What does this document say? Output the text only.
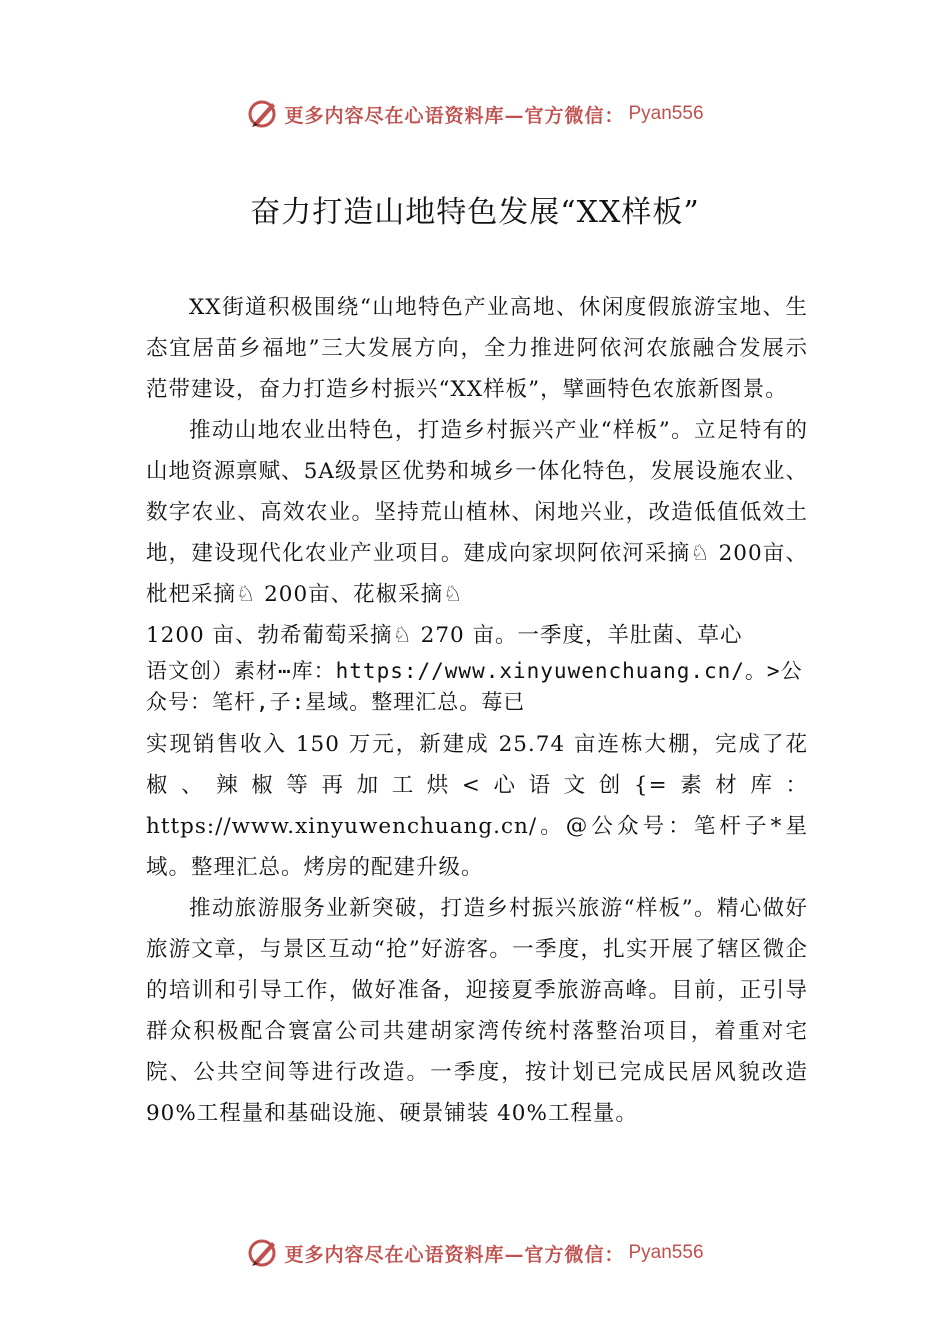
更多内容尽在心语资料库—官方微信： Pyan556
奋力打造山地特色发展“XX样板”

XX街道积极围绕“山地特色产业高地、休闲度假旅游宝地、生态宜居苗乡福地”三大发展方向，全力推进阿依河农旅融合发展示范带建设，奋力打造乡村振兴“XX样板”，擘画特色农旅新图景。

推动山地农业出特色，打造乡村振兴产业“样板”。立足特有的山地资源禀赋、5A级景区优势和城乡一体化特色，发展设施农业、数字农业、高效农业。坚持荒山植林、闲地兴业，改造低值低效土地，建设现代化农业产业项目。建成向家坝阿依河采摘♘ 200亩、枇杷采摘♘ 200亩、花椒采摘♘

1200 亩、勃希葡萄采摘♘ 270 亩。一季度，羊肚菌、草心

语文创）素材⋯库：https://www.xinyuwenchuang.cn/。>公众号：笔杆,子:星域。整理汇总。莓已

实现销售收入 150 万元，新建成 25.74 亩连栋大棚，完成了花椒、辣椒等再加工烘<心语文创{=素材库：https://www.xinyuwenchuang.cn/。@公众号：笔杆子*星域。整理汇总。烤房的配建升级。

推动旅游服务业新突破，打造乡村振兴旅游“样板”。精心做好旅游文章，与景区互动“抢”好游客。一季度，扎实开展了辖区微企的培训和引导工作，做好准备，迎接夏季旅游高峰。目前，正引导群众积极配合寰富公司共建胡家湾传统村落整治项目，着重对宅院、公共空间等进行改造。一季度，按计划已完成民居风貌改造 90%工程量和基础设施、硬景铺装 40%工程量。

更多内容尽在心语资料库—官方微信： Pyan556
